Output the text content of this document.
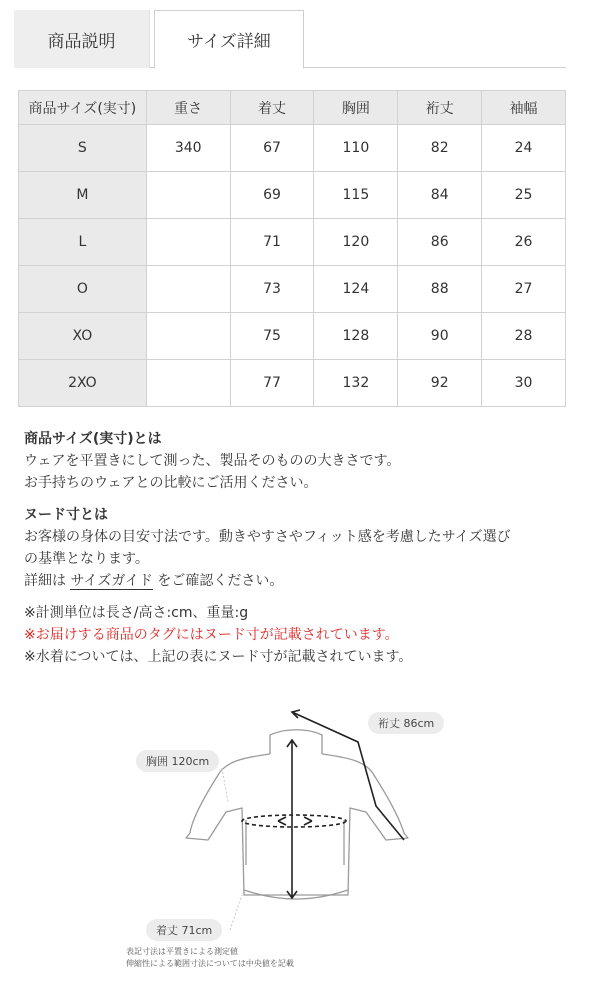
商品説明	サイズ詳細
商品サイズ(実寸)	重さ	着丈	胸囲	裄丈	袖幅
S	340	67	110	82	24
M		69	115	84	25
L		71	120	86	26
O		73	124	88	27
XO		75	128	90	28
2XO		77	132	92	30
商品サイズ(実寸)とは
ウェアを平置きにして測った、製品そのものの大きさです。
お手持ちのウェアとの比較にご活用ください。
ヌード寸とは
お客様の身体の目安寸法です。動きやすさやフィット感を考慮したサイズ選び
の基準となります。
詳細は サイズガイド をご確認ください。
※計測単位は長さ/高さ:cm、重量:g
※お届けする商品のタグにはヌード寸が記載されています。
※水着については、上記の表にヌード寸が記載されています。
胸囲 120cm
裄丈 86cm
着丈 71cm
表記寸法は平置きによる測定値
伸縮性による範囲寸法については中央値を記載
